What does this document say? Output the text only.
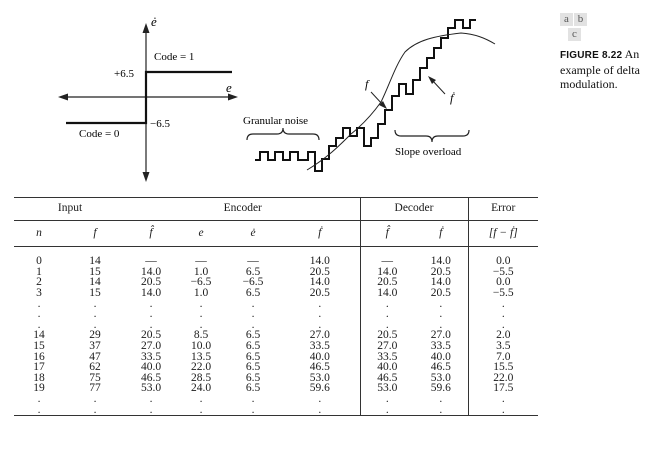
ė
e
+6.5
−6.5
Code = 1
Code = 0
f
ḟ
Granular noise
Slope overload
a b
c
FIGURE 8.22 An example of delta modulation.
Input		Encoder				Decoder		Error
n	f	f̂	e	ė	ḟ	f̂	ḟ	[f − ḟ]
0	14	—	—	—	14.0	—	14.0	0.0
1	15	14.0	1.0	6.5	20.5	14.0	20.5	−5.5
2	14	20.5	−6.5	−6.5	14.0	20.5	14.0	0.0
3	15	14.0	1.0	6.5	20.5	14.0	20.5	−5.5
.	.	.	.	.	.	.	.	.
.	.	.	.	.	.	.	.	.
.	.	.	.	.	.	.	.	.
14	29	20.5	8.5	6.5	27.0	20.5	27.0	2.0
15	37	27.0	10.0	6.5	33.5	27.0	33.5	3.5
16	47	33.5	13.5	6.5	40.0	33.5	40.0	7.0
17	62	40.0	22.0	6.5	46.5	40.0	46.5	15.5
18	75	46.5	28.5	6.5	53.0	46.5	53.0	22.0
19	77	53.0	24.0	6.5	59.6	53.0	59.6	17.5
.	.	.	.	.	.	.	.	.
.	.	.	.	.	.	.	.	.
